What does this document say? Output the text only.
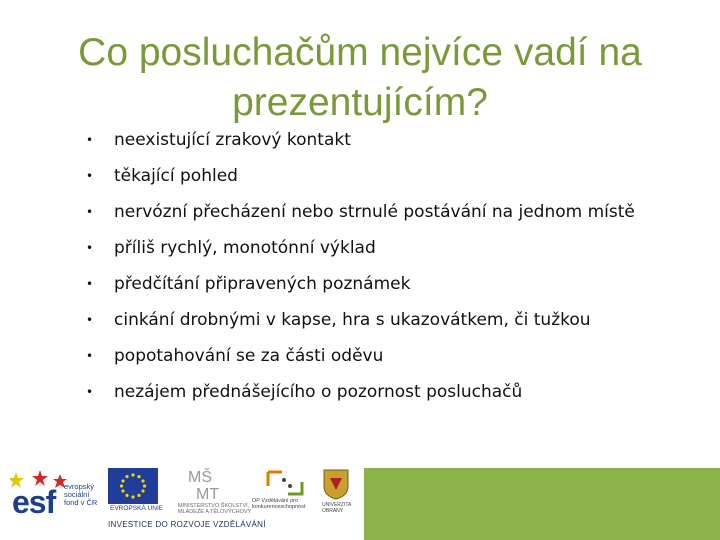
Co posluchačům nejvíce vadí na prezentujícím?
• neexistující zrakový kontakt
• těkající pohled
• nervózní přecházení nebo strnulé postávání na jednom místě
• příliš rychlý, monotónní výklad
• předčítání připravených poznámek
• cinkání drobnými v kapse, hra s ukazovátkem, či tužkou
• popotahování se za části oděvu
• nezájem přednášejícího o pozornost posluchačů
esf evropský
sociální
fond v ČR
EVROPSKÁ UNIE
MŠ
MT
MINISTERSTVO ŠKOLSTVÍ, MLÁDEŽE A TĚLOVÝCHOVY
OP Vzdělávání pro konkurenceschopnost	UNIVERZITA OBRANY
INVESTICE DO ROZVOJE VZDĚLÁVÁNÍ
